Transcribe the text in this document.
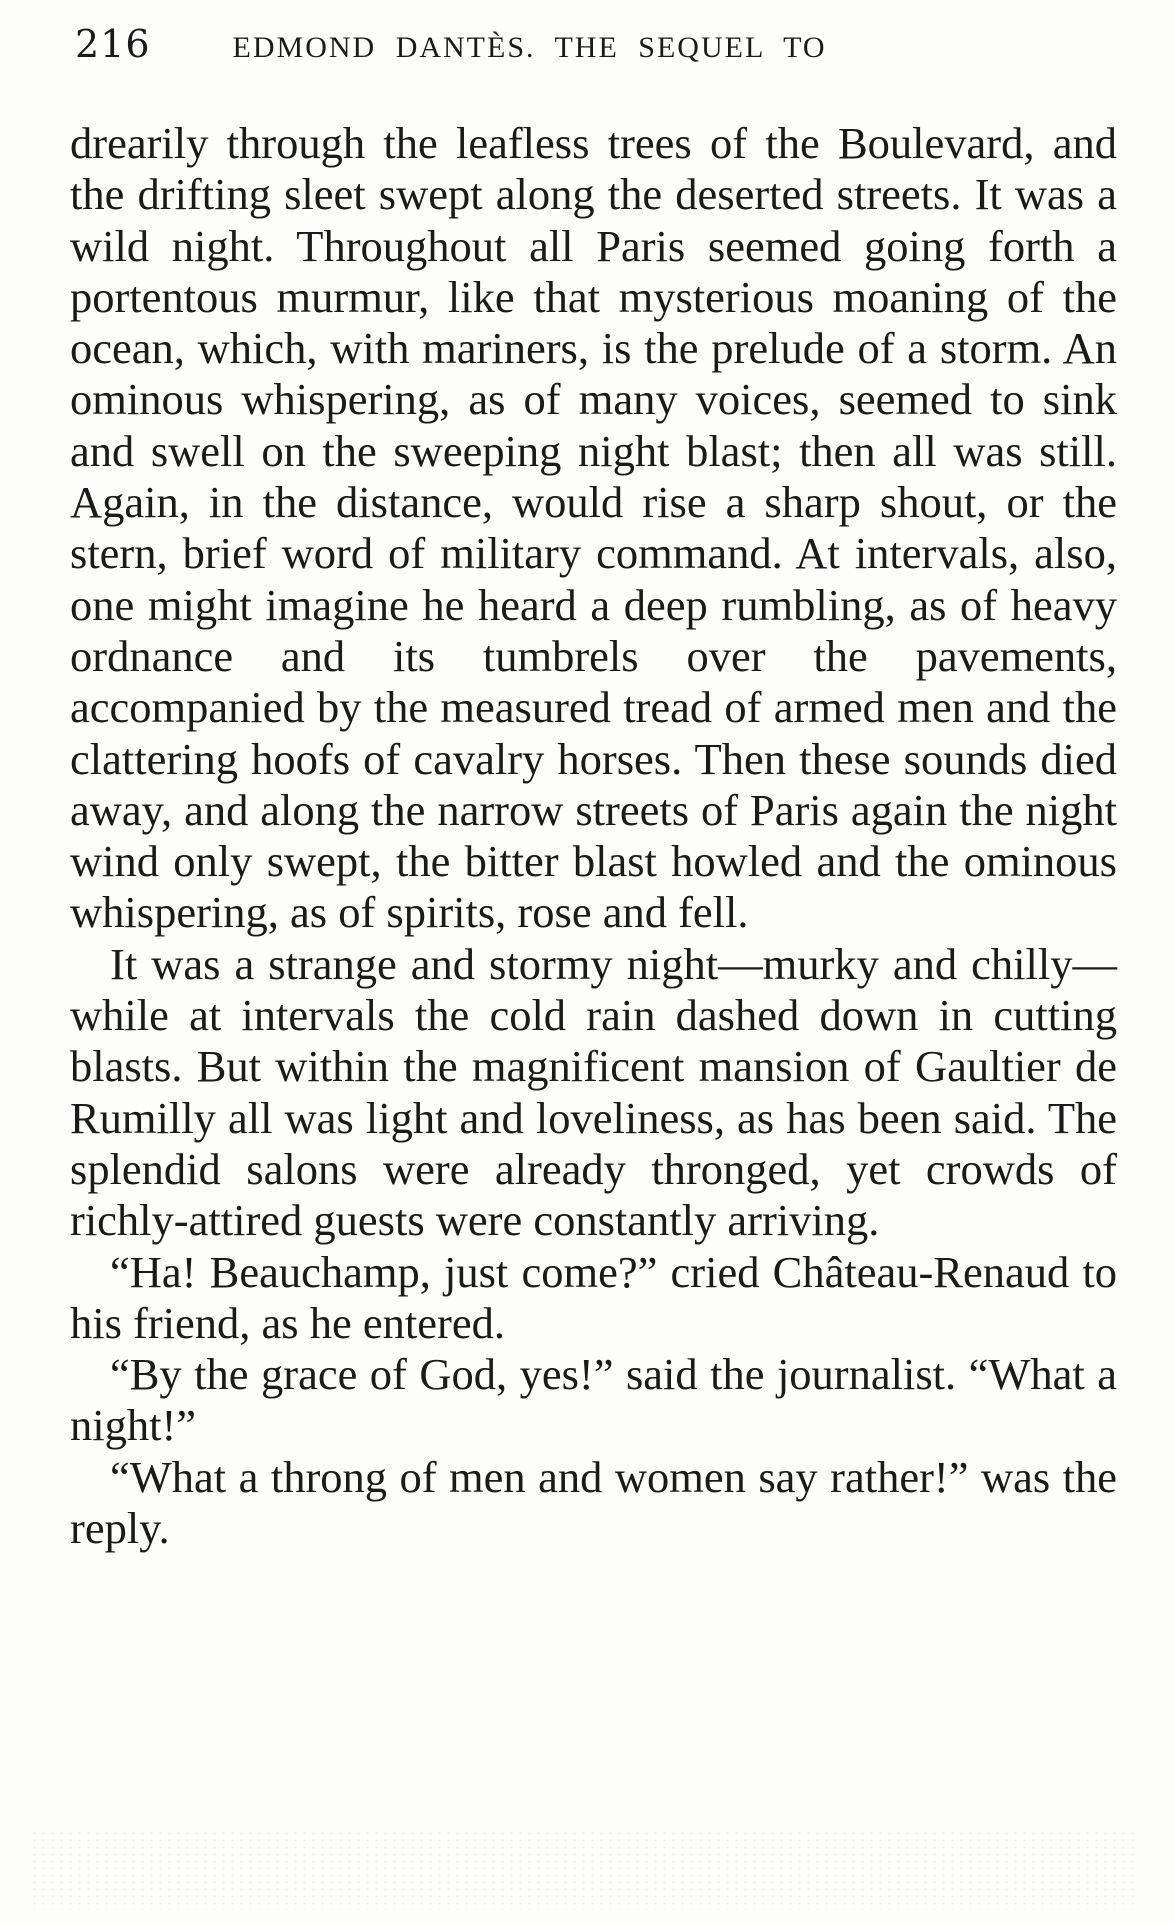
216	EDMOND DANTÈS. THE SEQUEL TO

drearily through the leafless trees of the Boulevard, and the drifting sleet swept along the deserted streets. It was a wild night. Throughout all Paris seemed going forth a portentous murmur, like that mysterious moaning of the ocean, which, with mariners, is the prelude of a storm. An ominous whispering, as of many voices, seemed to sink and swell on the sweeping night blast; then all was still. Again, in the distance, would rise a sharp shout, or the stern, brief word of military command. At intervals, also, one might imagine he heard a deep rumbling, as of heavy ordnance and its tumbrels over the pavements, accompanied by the measured tread of armed men and the clattering hoofs of cavalry horses. Then these sounds died away, and along the narrow streets of Paris again the night wind only swept, the bitter blast howled and the ominous whispering, as of spirits, rose and fell.

It was a strange and stormy night—murky and chilly—while at intervals the cold rain dashed down in cutting blasts. But within the magnificent mansion of Gaultier de Rumilly all was light and loveliness, as has been said. The splendid salons were already thronged, yet crowds of richly-attired guests were constantly arriving.

“Ha! Beauchamp, just come?” cried Château-Renaud to his friend, as he entered.

“By the grace of God, yes!” said the journalist. “What a night!”

“What a throng of men and women say rather!” was the reply.
